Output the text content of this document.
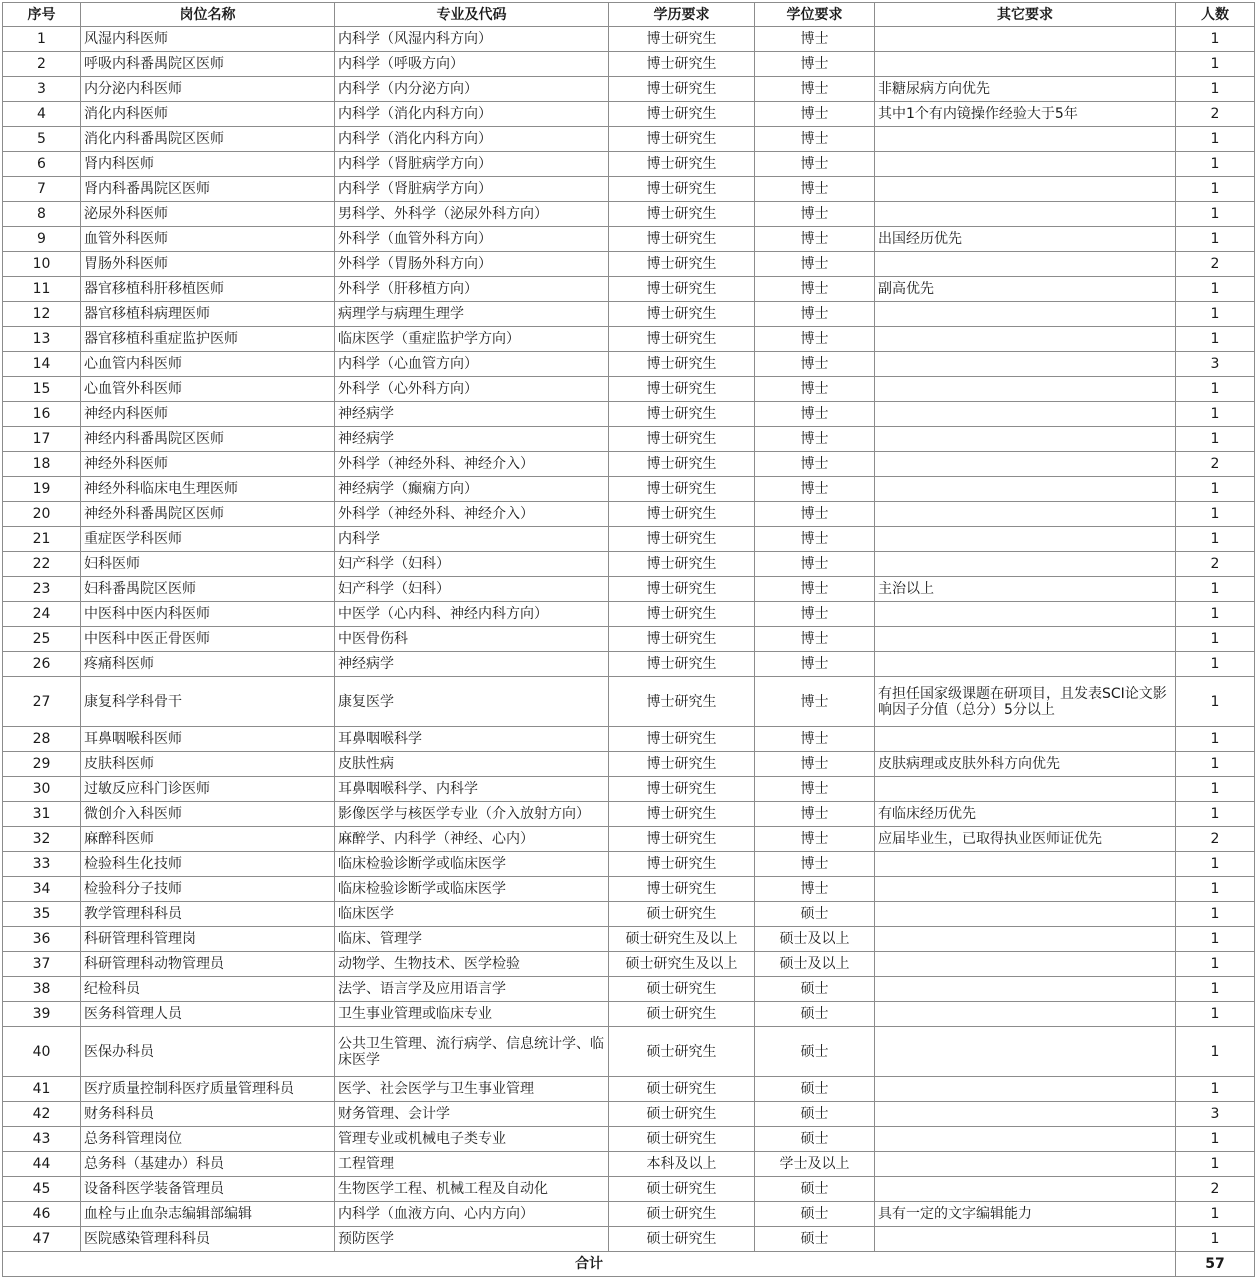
序号	岗位名称	专业及代码	学历要求	学位要求	其它要求	人数
1	风湿内科医师	内科学（风湿内科方向）	博士研究生	博士		1
2	呼吸内科番禺院区医师	内科学（呼吸方向）	博士研究生	博士		1
3	内分泌内科医师	内科学（内分泌方向）	博士研究生	博士	非糖尿病方向优先	1
4	消化内科医师	内科学（消化内科方向）	博士研究生	博士	其中1个有内镜操作经验大于5年	2
5	消化内科番禺院区医师	内科学（消化内科方向）	博士研究生	博士		1
6	肾内科医师	内科学（肾脏病学方向）	博士研究生	博士		1
7	肾内科番禺院区医师	内科学（肾脏病学方向）	博士研究生	博士		1
8	泌尿外科医师	男科学、外科学（泌尿外科方向）	博士研究生	博士		1
9	血管外科医师	外科学（血管外科方向）	博士研究生	博士	出国经历优先	1
10	胃肠外科医师	外科学（胃肠外科方向）	博士研究生	博士		2
11	器官移植科肝移植医师	外科学（肝移植方向）	博士研究生	博士	副高优先	1
12	器官移植科病理医师	病理学与病理生理学	博士研究生	博士		1
13	器官移植科重症监护医师	临床医学（重症监护学方向）	博士研究生	博士		1
14	心血管内科医师	内科学（心血管方向）	博士研究生	博士		3
15	心血管外科医师	外科学（心外科方向）	博士研究生	博士		1
16	神经内科医师	神经病学	博士研究生	博士		1
17	神经内科番禺院区医师	神经病学	博士研究生	博士		1
18	神经外科医师	外科学（神经外科、神经介入）	博士研究生	博士		2
19	神经外科临床电生理医师	神经病学（癫痫方向）	博士研究生	博士		1
20	神经外科番禺院区医师	外科学（神经外科、神经介入）	博士研究生	博士		1
21	重症医学科医师	内科学	博士研究生	博士		1
22	妇科医师	妇产科学（妇科）	博士研究生	博士		2
23	妇科番禺院区医师	妇产科学（妇科）	博士研究生	博士	主治以上	1
24	中医科中医内科医师	中医学（心内科、神经内科方向）	博士研究生	博士		1
25	中医科中医正骨医师	中医骨伤科	博士研究生	博士		1
26	疼痛科医师	神经病学	博士研究生	博士		1
27	康复科学科骨干	康复医学	博士研究生	博士	有担任国家级课题在研项目，且发表SCI论文影响因子分值（总分）5分以上	1
28	耳鼻咽喉科医师	耳鼻咽喉科学	博士研究生	博士		1
29	皮肤科医师	皮肤性病	博士研究生	博士	皮肤病理或皮肤外科方向优先	1
30	过敏反应科门诊医师	耳鼻咽喉科学、内科学	博士研究生	博士		1
31	微创介入科医师	影像医学与核医学专业（介入放射方向）	博士研究生	博士	有临床经历优先	1
32	麻醉科医师	麻醉学、内科学（神经、心内）	博士研究生	博士	应届毕业生，已取得执业医师证优先	2
33	检验科生化技师	临床检验诊断学或临床医学	博士研究生	博士		1
34	检验科分子技师	临床检验诊断学或临床医学	博士研究生	博士		1
35	教学管理科科员	临床医学	硕士研究生	硕士		1
36	科研管理科管理岗	临床、管理学	硕士研究生及以上	硕士及以上		1
37	科研管理科动物管理员	动物学、生物技术、医学检验	硕士研究生及以上	硕士及以上		1
38	纪检科员	法学、语言学及应用语言学	硕士研究生	硕士		1
39	医务科管理人员	卫生事业管理或临床专业	硕士研究生	硕士		1
40	医保办科员	公共卫生管理、流行病学、信息统计学、临床医学	硕士研究生	硕士		1
41	医疗质量控制科医疗质量管理科员	医学、社会医学与卫生事业管理	硕士研究生	硕士		1
42	财务科科员	财务管理、会计学	硕士研究生	硕士		3
43	总务科管理岗位	管理专业或机械电子类专业	硕士研究生	硕士		1
44	总务科（基建办）科员	工程管理	本科及以上	学士及以上		1
45	设备科医学装备管理员	生物医学工程、机械工程及自动化	硕士研究生	硕士		2
46	血栓与止血杂志编辑部编辑	内科学（血液方向、心内方向）	硕士研究生	硕士	具有一定的文字编辑能力	1
47	医院感染管理科科员	预防医学	硕士研究生	硕士		1
合计						57
